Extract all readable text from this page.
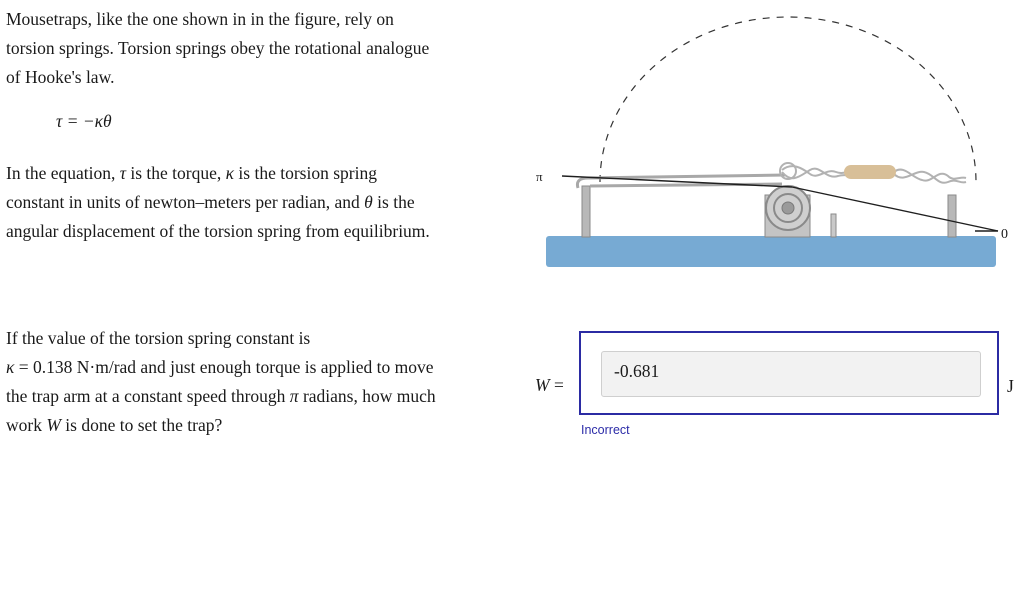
Mousetraps, like the one shown in in the figure, rely on
torsion springs. Torsion springs obey the rotational analogue
of Hooke's law.
τ = −κθ
In the equation, τ is the torque, κ is the torsion spring
constant in units of newton–meters per radian, and θ is the
angular displacement of the torsion spring from equilibrium.
If the value of the torsion spring constant is
κ = 0.138 N·m/rad and just enough torque is applied to move
the trap arm at a constant speed through π radians, how much
work W is done to set the trap?
π
0
W =
-0.681	J
Incorrect
